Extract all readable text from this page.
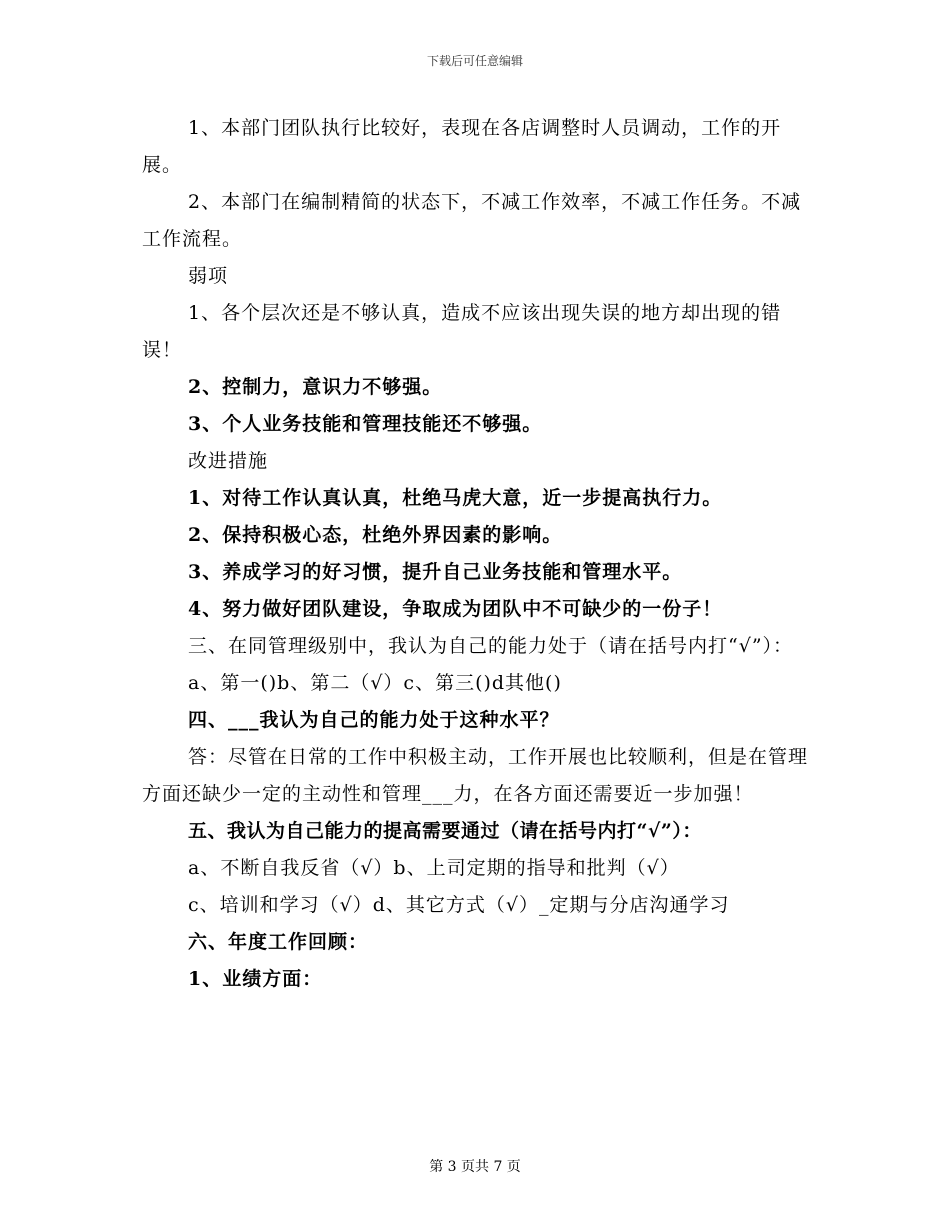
下载后可任意编辑

1、本部门团队执行比较好，表现在各店调整时人员调动，工作的开展。

2、本部门在编制精简的状态下，不减工作效率，不减工作任务。不减工作流程。

弱项

1、各个层次还是不够认真，造成不应该出现失误的地方却出现的错误！

2、控制力，意识力不够强。

3、个人业务技能和管理技能还不够强。

改进措施

1、对待工作认真认真，杜绝马虎大意，近一步提高执行力。

2、保持积极心态，杜绝外界因素的影响。

3、养成学习的好习惯，提升自己业务技能和管理水平。

4、努力做好团队建设，争取成为团队中不可缺少的一份子！

三、在同管理级别中，我认为自己的能力处于（请在括号内打“√”）：

a、第一()b、第二（√）c、第三()d其他()

四、___我认为自己的能力处于这种水平？

答：尽管在日常的工作中积极主动，工作开展也比较顺利，但是在管理方面还缺少一定的主动性和管理___力，在各方面还需要近一步加强！

五、我认为自己能力的提高需要通过（请在括号内打“√”）：

a、不断自我反省（√）b、上司定期的指导和批判（√）

c、培训和学习（√）d、其它方式（√）_定期与分店沟通学习

六、年度工作回顾：

1、业绩方面：

第 3 页共 7 页
